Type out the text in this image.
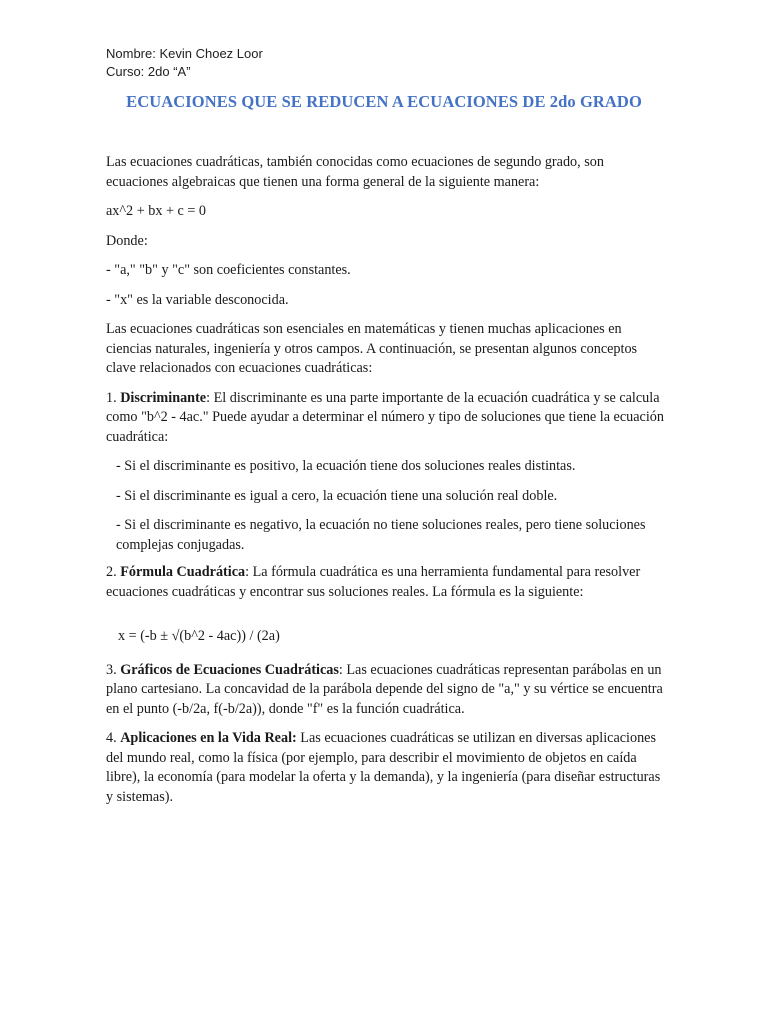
Nombre: Kevin Choez Loor
Curso: 2do “A”
ECUACIONES QUE SE REDUCEN A ECUACIONES DE 2do GRADO

Las ecuaciones cuadráticas, también conocidas como ecuaciones de segundo grado, son ecuaciones algebraicas que tienen una forma general de la siguiente manera:

ax^2 + bx + c = 0

Donde:

- "a," "b" y "c" son coeficientes constantes.

- "x" es la variable desconocida.

Las ecuaciones cuadráticas son esenciales en matemáticas y tienen muchas aplicaciones en ciencias naturales, ingeniería y otros campos. A continuación, se presentan algunos conceptos clave relacionados con ecuaciones cuadráticas:

1. Discriminante: El discriminante es una parte importante de la ecuación cuadrática y se calcula como "b^2 - 4ac." Puede ayudar a determinar el número y tipo de soluciones que tiene la ecuación cuadrática:

- Si el discriminante es positivo, la ecuación tiene dos soluciones reales distintas.

- Si el discriminante es igual a cero, la ecuación tiene una solución real doble.

- Si el discriminante es negativo, la ecuación no tiene soluciones reales, pero tiene soluciones complejas conjugadas.

2. Fórmula Cuadrática: La fórmula cuadrática es una herramienta fundamental para resolver ecuaciones cuadráticas y encontrar sus soluciones reales. La fórmula es la siguiente:

x = (-b ± √(b^2 - 4ac)) / (2a)

3. Gráficos de Ecuaciones Cuadráticas: Las ecuaciones cuadráticas representan parábolas en un plano cartesiano. La concavidad de la parábola depende del signo de "a," y su vértice se encuentra en el punto (-b/2a, f(-b/2a)), donde "f" es la función cuadrática.

4. Aplicaciones en la Vida Real: Las ecuaciones cuadráticas se utilizan en diversas aplicaciones del mundo real, como la física (por ejemplo, para describir el movimiento de objetos en caída libre), la economía (para modelar la oferta y la demanda), y la ingeniería (para diseñar estructuras y sistemas).
